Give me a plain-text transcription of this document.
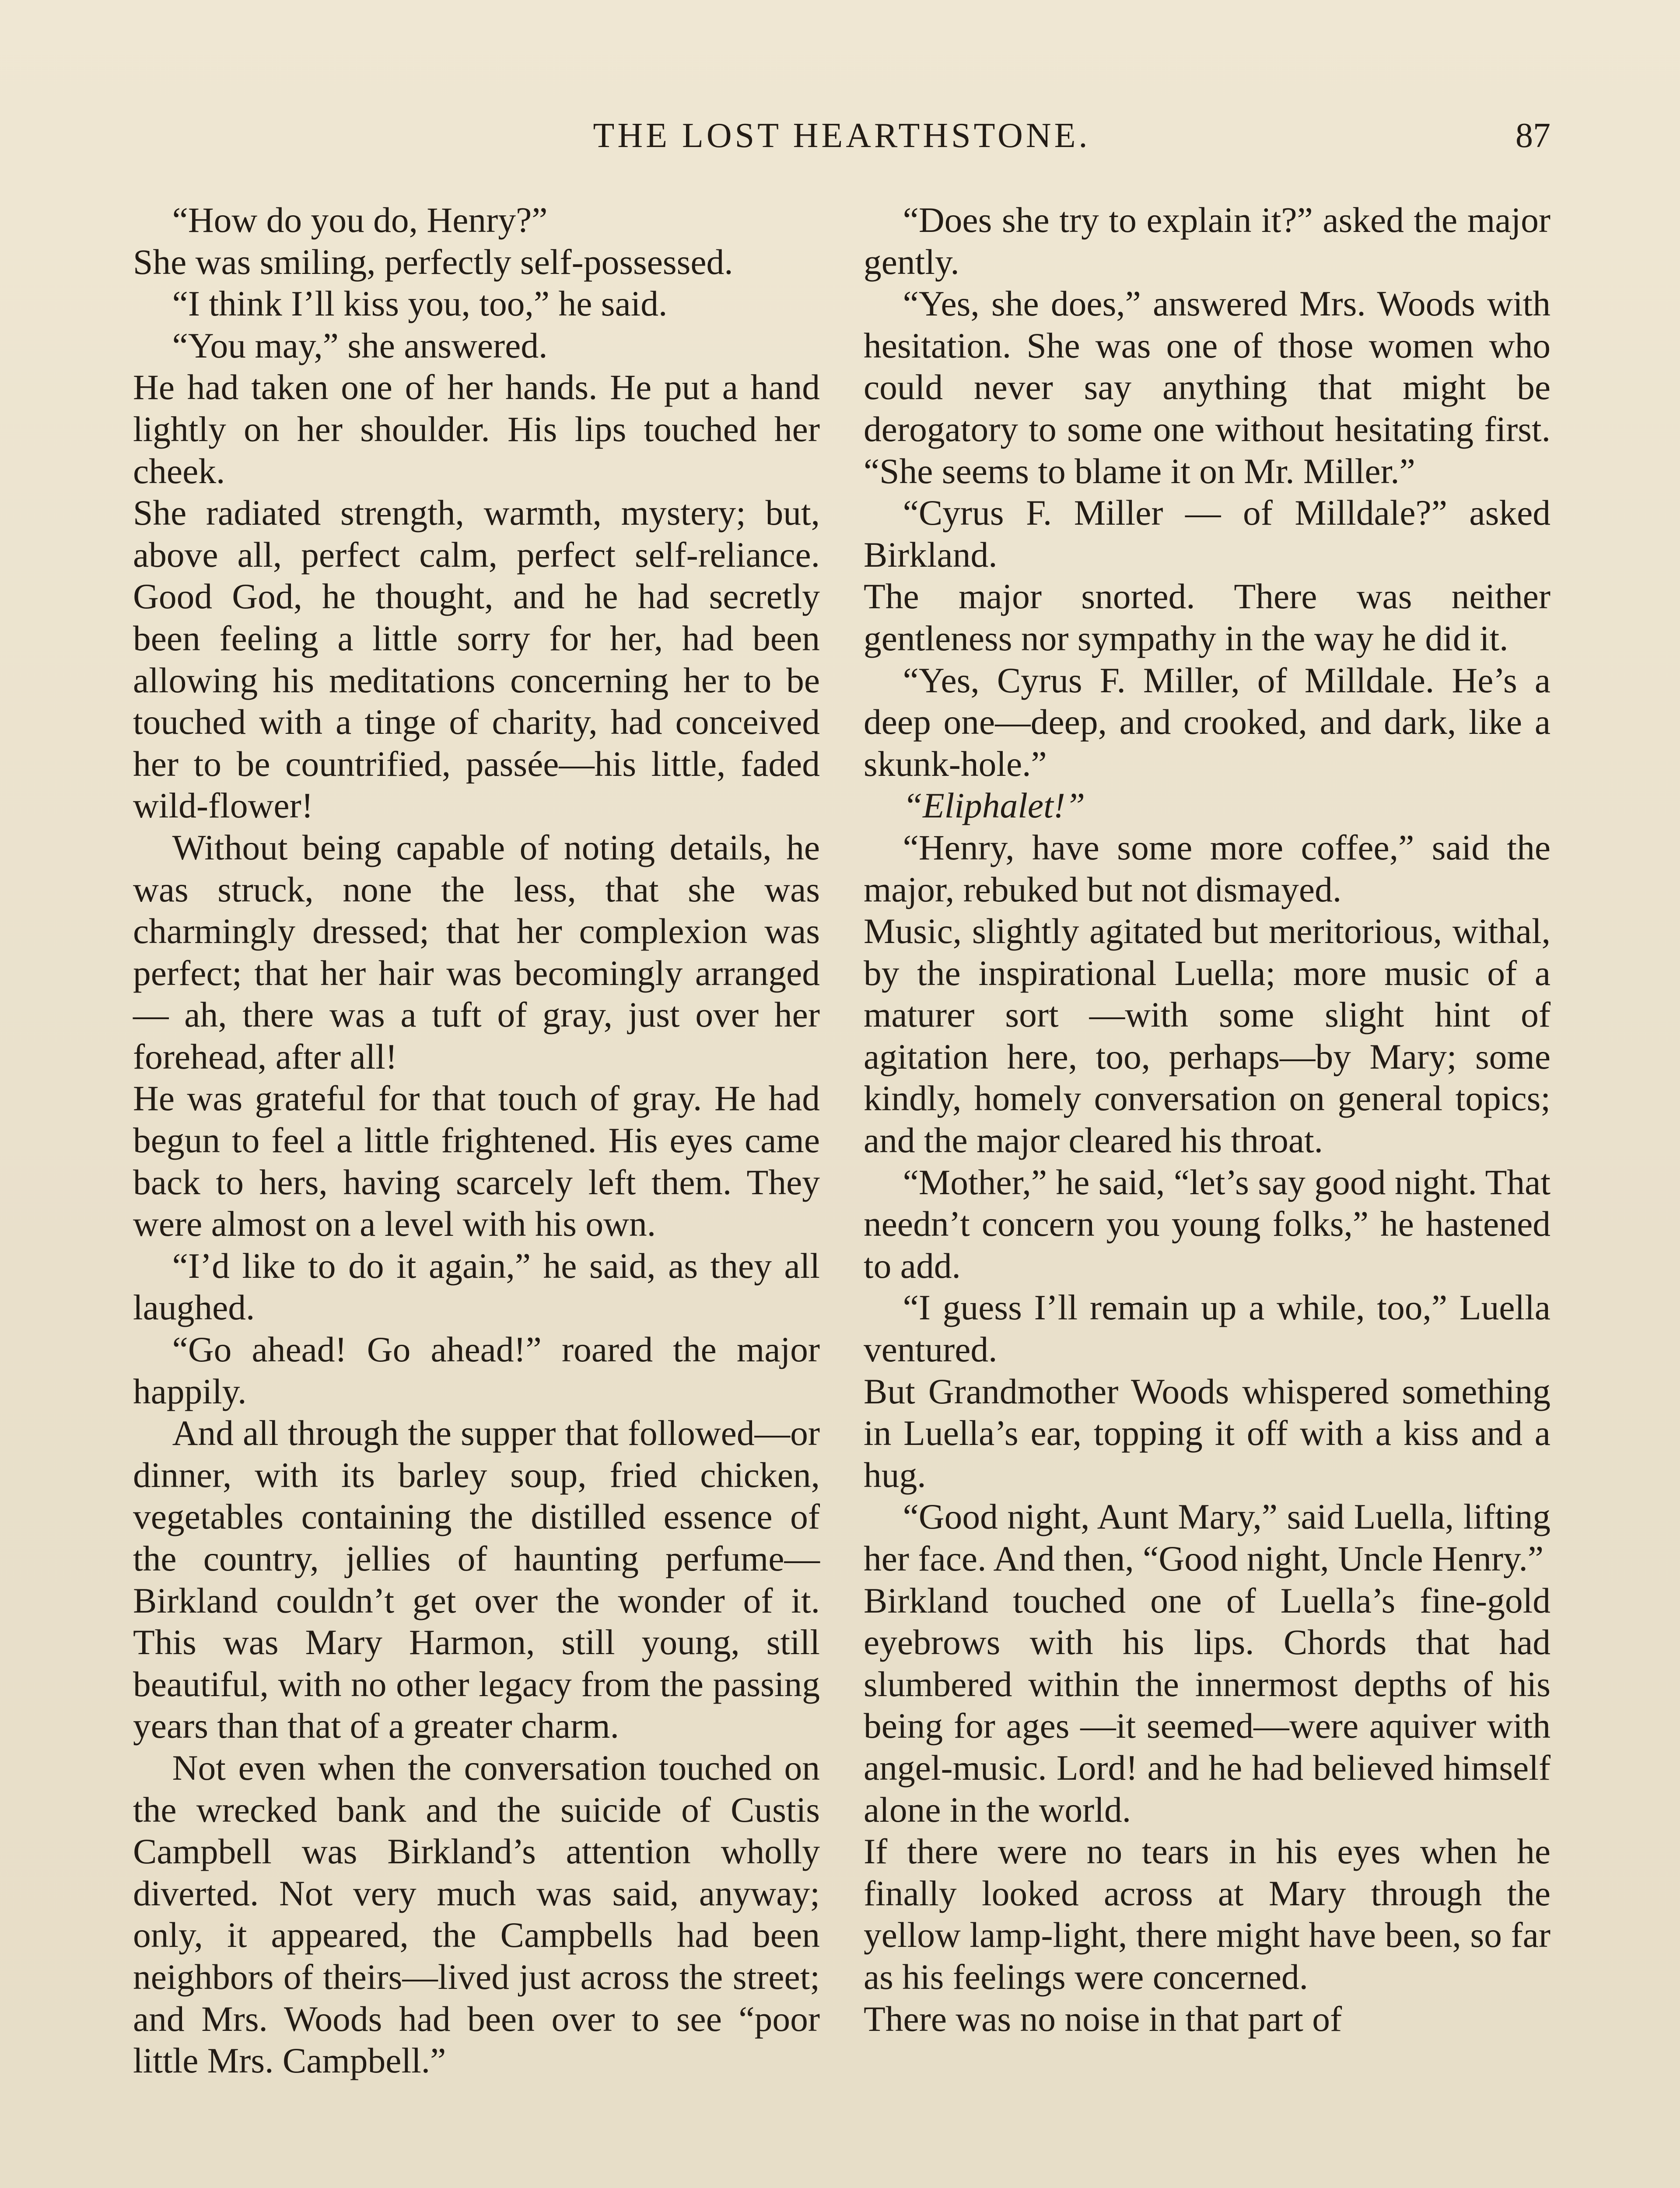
THE LOST HEARTHSTONE.	87

“How do you do, Henry?”

She was smiling, perfectly self-possessed.

“I think I’ll kiss you, too,” he said.

“You may,” she answered.

He had taken one of her hands. He put a hand lightly on her shoulder. His lips touched her cheek.

She radiated strength, warmth, mystery; but, above all, perfect calm, perfect self-reliance. Good God, he thought, and he had secretly been feeling a little sorry for her, had been allowing his meditations concerning her to be touched with a tinge of charity, had conceived her to be countrified, passée—his little, faded wild-flower!

Without being capable of noting details, he was struck, none the less, that she was charmingly dressed; that her complexion was perfect; that her hair was becomingly arranged — ah, there was a tuft of gray, just over her forehead, after all!

He was grateful for that touch of gray. He had begun to feel a little frightened. His eyes came back to hers, having scarcely left them. They were almost on a level with his own.

“I’d like to do it again,” he said, as they all laughed.

“Go ahead! Go ahead!” roared the major happily.

And all through the supper that followed—or dinner, with its barley soup, fried chicken, vegetables containing the distilled essence of the country, jellies of haunting perfume—Birkland couldn’t get over the wonder of it. This was Mary Harmon, still young, still beautiful, with no other legacy from the passing years than that of a greater charm.

Not even when the conversation touched on the wrecked bank and the suicide of Custis Campbell was Birkland’s attention wholly diverted. Not very much was said, anyway; only, it appeared, the Campbells had been neighbors of theirs—lived just across the street; and Mrs. Woods had been over to see “poor little Mrs. Campbell.”

“Does she try to explain it?” asked the major gently.

“Yes, she does,” answered Mrs. Woods with hesitation. She was one of those women who could never say anything that might be derogatory to some one without hesitating first. “She seems to blame it on Mr. Miller.”

“Cyrus F. Miller — of Milldale?” asked Birkland.

The major snorted. There was neither gentleness nor sympathy in the way he did it.

“Yes, Cyrus F. Miller, of Milldale. He’s a deep one—deep, and crooked, and dark, like a skunk-hole.”

“Eliphalet!”

“Henry, have some more coffee,” said the major, rebuked but not dismayed.

Music, slightly agitated but meritorious, withal, by the inspirational Luella; more music of a maturer sort —with some slight hint of agitation here, too, perhaps—by Mary; some kindly, homely conversation on general topics; and the major cleared his throat.

“Mother,” he said, “let’s say good night. That needn’t concern you young folks,” he hastened to add.

“I guess I’ll remain up a while, too,” Luella ventured.

But Grandmother Woods whispered something in Luella’s ear, topping it off with a kiss and a hug.

“Good night, Aunt Mary,” said Luella, lifting her face. And then, “Good night, Uncle Henry.”

Birkland touched one of Luella’s fine-gold eyebrows with his lips. Chords that had slumbered within the innermost depths of his being for ages —it seemed—were aquiver with angel-music. Lord! and he had believed himself alone in the world.

If there were no tears in his eyes when he finally looked across at Mary through the yellow lamp-light, there might have been, so far as his feelings were concerned.

There was no noise in that part of
